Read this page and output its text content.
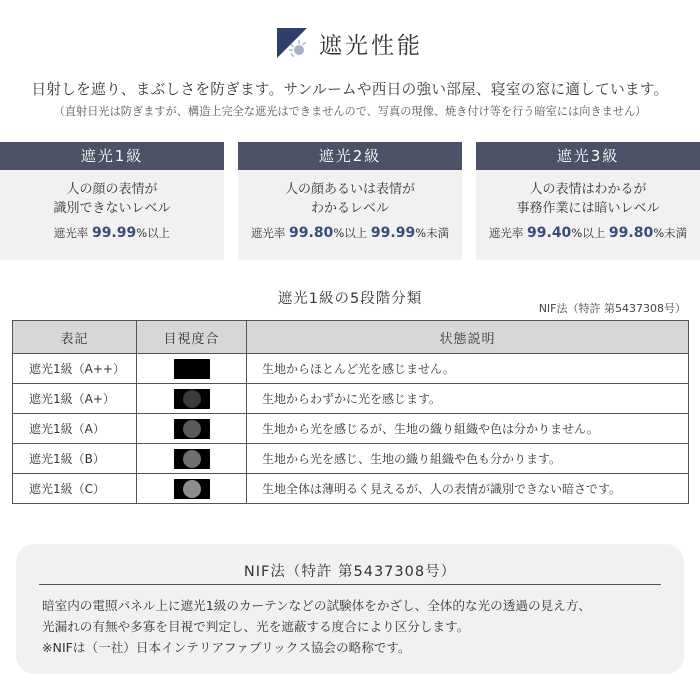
遮光性能
日射しを遮り、まぶしさを防ぎます。サンルームや西日の強い部屋、寝室の窓に適しています。
（直射日光は防ぎますが、構造上完全な遮光はできませんので、写真の現像、焼き付け等を行う暗室には向きません）
遮光1級
人の顔の表情が
識別できないレベル
遮光率 99.99%以上
遮光2級
人の顔あるいは表情が
わかるレベル
遮光率 99.80%以上 99.99%未満
遮光3級
人の表情はわかるが
事務作業には暗いレベル
遮光率 99.40%以上 99.80%未満
遮光1級の5段階分類
NIF法（特許 第5437308号）
表記	目視度合	状態説明
遮光1級（A++）		生地からほとんど光を感じません。
遮光1級（A+）		生地からわずかに光を感じます。
遮光1級（A）		生地から光を感じるが、生地の織り組織や色は分かりません。
遮光1級（B）		生地から光を感じ、生地の織り組織や色も分かります。
遮光1級（C）		生地全体は薄明るく見えるが、人の表情が識別できない暗さです。
NIF法（特許 第5437308号）
暗室内の電照パネル上に遮光1級のカーテンなどの試験体をかざし、全体的な光の透過の見え方、
光漏れの有無や多寡を目視で判定し、光を遮蔽する度合により区分します。
※NIFは（一社）日本インテリアファブリックス協会の略称です。
